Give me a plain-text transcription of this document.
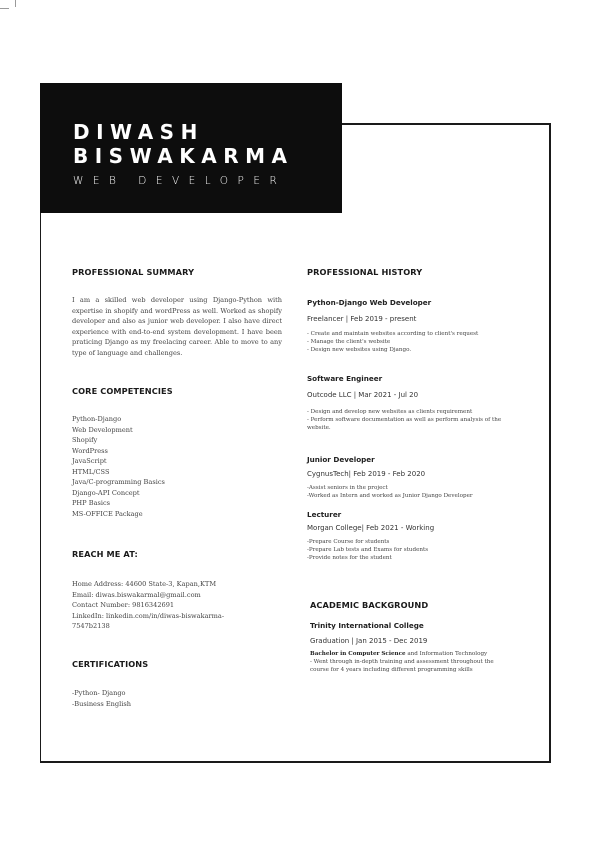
DIWASH
BISWAKARMA
WEB DEVELOPER
PROFESSIONAL SUMMARY
I am a skilled web developer using Django-Python with expertise in shopify and wordPress as well. Worked as shopify developer and also as junior web developer. I also have direct experience with end-to-end system development. I have been praticing Django as my freelacing career. Able to move to any type of language and challenges.
CORE COMPETENCIES
Python-Django
Web Development
Shopify
WordPress
JavaScript
HTML/CSS
Java/C-programming Basics
Django-API Concept
PHP Basics
MS-OFFICE Package
REACH ME AT:
Home Address: 44600 State-3, Kapan,KTM
Email: diwas.biswakarmal@gmail.com
Contact Number: 9816342691
LinkedIn: linkedin.com/in/diwas-biswakarma-
7547b2138
CERTIFICATIONS
-Python- Django
-Business English
PROFESSIONAL HISTORY
Python-Django Web Developer
Freelancer | Feb 2019 - present
- Create and maintain websites according to client's request
- Manage the client's website
- Design new websites using Django.
Software Engineer
Outcode LLC | Mar 2021 - Jul 20
- Design and develop new websites as clients requirement
- Perform software documentation as well as perform analysis of the
website.
Junior Developer
CygnusTech| Feb 2019 - Feb 2020
-Assist seniors in the project
-Worked as Intern and worked as Junior Django Developer
Lecturer
Morgan College| Feb 2021 - Working
-Prepare Course for students
-Prepare Lab tests and Exams for students
-Provide notes for the student
ACADEMIC BACKGROUND
Trinity International College
Graduation | Jan 2015 - Dec 2019
Bachelor in Computer Science and Information Technology
- Went through in-depth training and assessment throughout the
course for 4 years including different programming skills
